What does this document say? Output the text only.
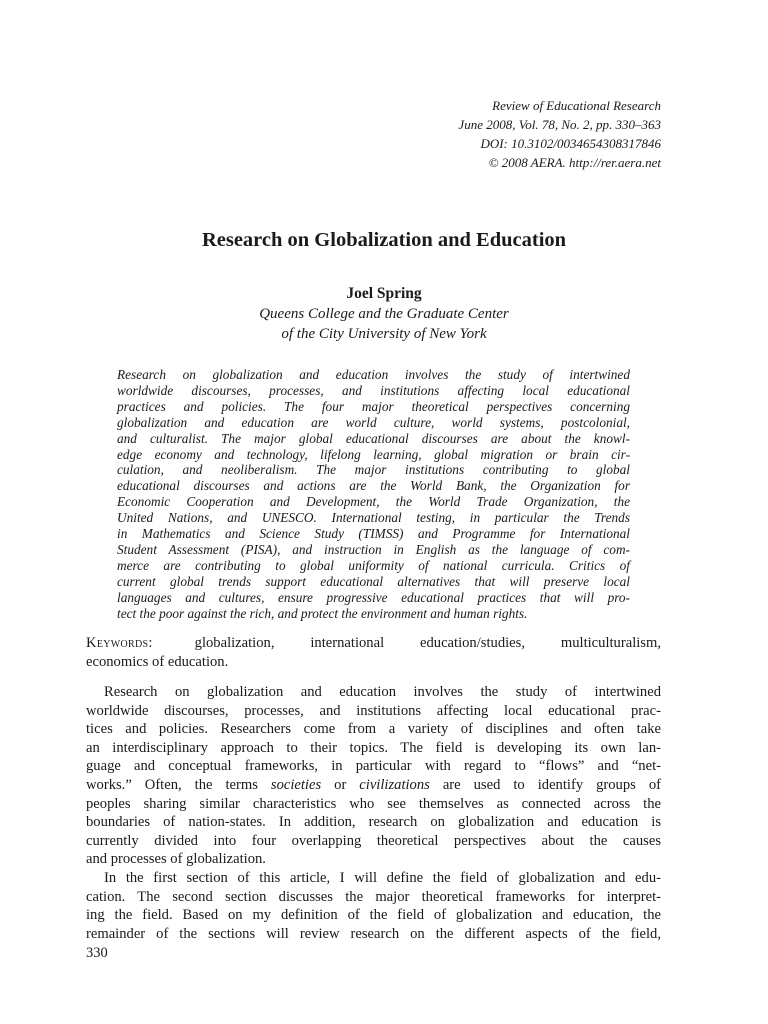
Review of Educational Research
June 2008, Vol. 78, No. 2, pp. 330–363
DOI: 10.3102/0034654308317846
© 2008 AERA. http://rer.aera.net
Research on Globalization and Education
Joel Spring
Queens College and the Graduate Center
of the City University of New York
Research on globalization and education involves the study of intertwined
worldwide discourses, processes, and institutions affecting local educational
practices and policies. The four major theoretical perspectives concerning
globalization and education are world culture, world systems, postcolonial,
and culturalist. The major global educational discourses are about the knowl-
edge economy and technology, lifelong learning, global migration or brain cir-
culation, and neoliberalism. The major institutions contributing to global
educational discourses and actions are the World Bank, the Organization for
Economic Cooperation and Development, the World Trade Organization, the
United Nations, and UNESCO. International testing, in particular the Trends
in Mathematics and Science Study (TIMSS) and Programme for International
Student Assessment (PISA), and instruction in English as the language of com-
merce are contributing to global uniformity of national curricula. Critics of
current global trends support educational alternatives that will preserve local
languages and cultures, ensure progressive educational practices that will pro-
tect the poor against the rich, and protect the environment and human rights.
Keywords:	globalization, international education/studies, multiculturalism,
economics of education.
Research on globalization and education involves the study of intertwined
worldwide discourses, processes, and institutions affecting local educational prac-
tices and policies. Researchers come from a variety of disciplines and often take
an interdisciplinary approach to their topics. The field is developing its own lan-
guage and conceptual frameworks, in particular with regard to “flows” and “net-
works.” Often, the terms societies or civilizations are used to identify groups of
peoples sharing similar characteristics who see themselves as connected across the
boundaries of nation-states. In addition, research on globalization and education is
currently divided into four overlapping theoretical perspectives about the causes
and processes of globalization.
In the first section of this article, I will define the field of globalization and edu-
cation. The second section discusses the major theoretical frameworks for interpret-
ing the field. Based on my definition of the field of globalization and education, the
remainder of the sections will review research on the different aspects of the field,
330
